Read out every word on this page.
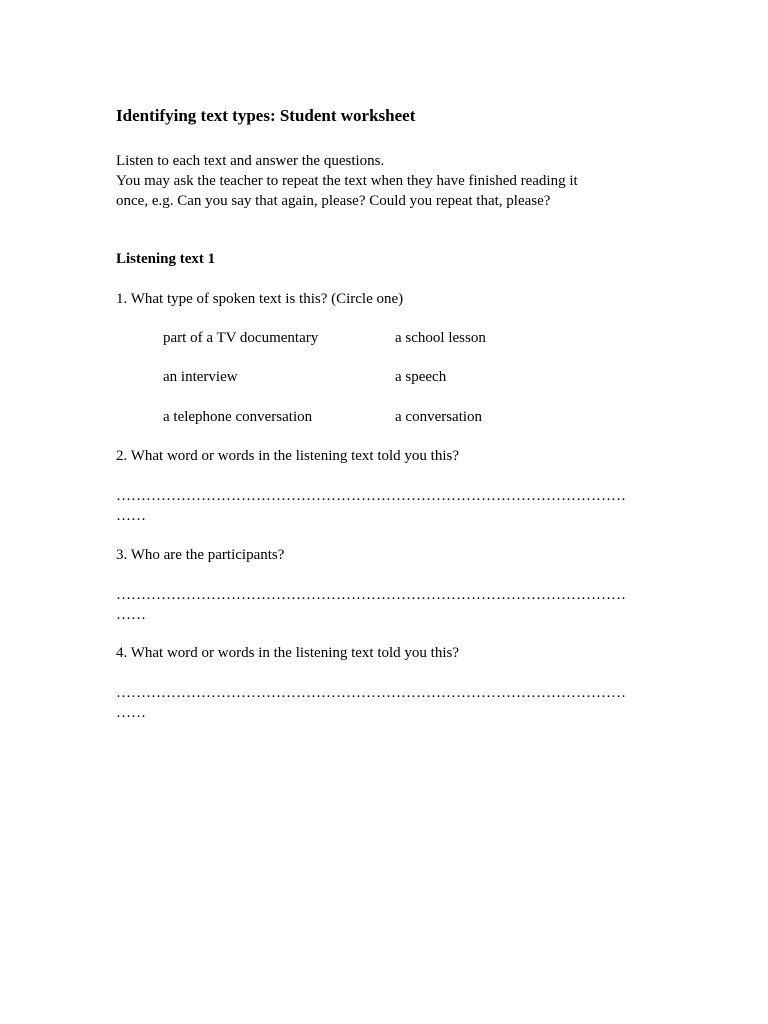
Identifying text types: Student worksheet
Listen to each text and answer the questions.
You may ask the teacher to repeat the text when they have finished reading it
once, e.g. Can you say that again, please? Could you repeat that, please?
Listening text 1
1. What type of spoken text is this? (Circle one)
part of a TV documentary	a school lesson
an interview	a speech
a telephone conversation	a conversation
2. What word or words in the listening text told you this?
…………………………………………………………………………………………
……
3. Who are the participants?
…………………………………………………………………………………………
……
4. What word or words in the listening text told you this?
…………………………………………………………………………………………
……
